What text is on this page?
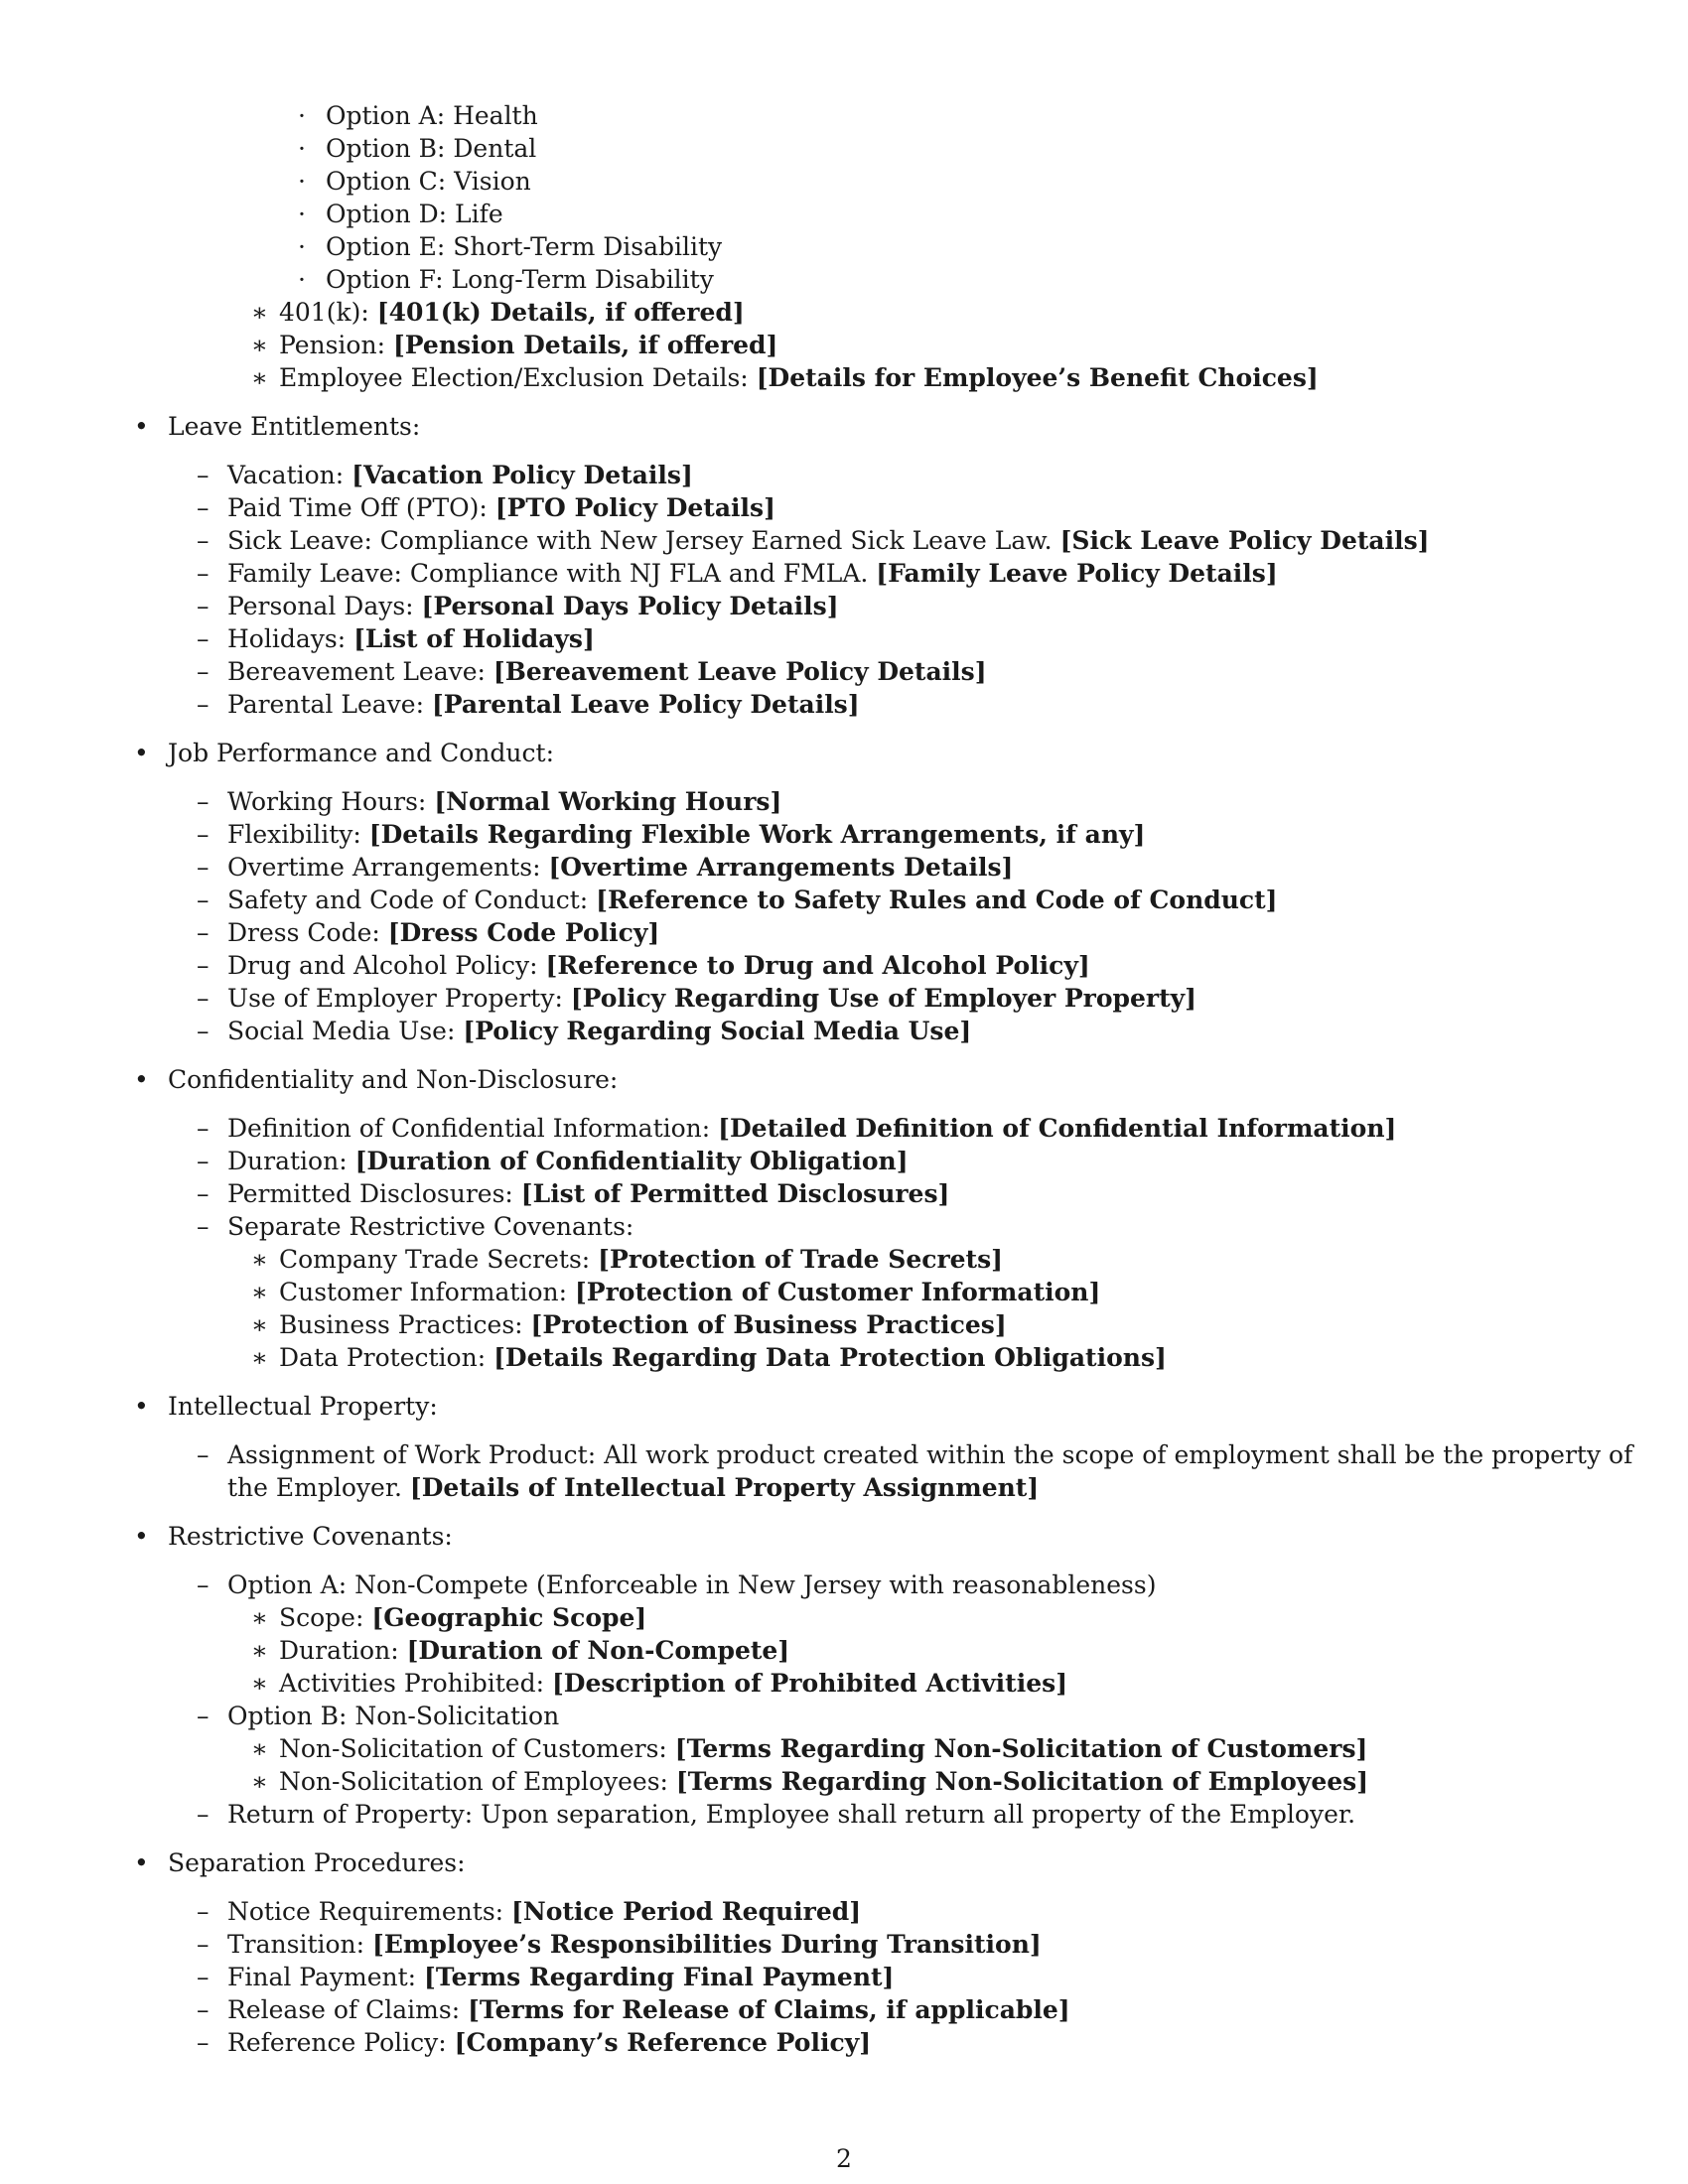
· Option A: Health
· Option B: Dental
· Option C: Vision
· Option D: Life
· Option E: Short-Term Disability
· Option F: Long-Term Disability
∗ 401(k): [401(k) Details, if offered]
∗ Pension: [Pension Details, if offered]
∗ Employee Election/Exclusion Details: [Details for Employee’s Benefit Choices]
• Leave Entitlements:
– Vacation: [Vacation Policy Details]
– Paid Time Off (PTO): [PTO Policy Details]
– Sick Leave: Compliance with New Jersey Earned Sick Leave Law. [Sick Leave Policy Details]
– Family Leave: Compliance with NJ FLA and FMLA. [Family Leave Policy Details]
– Personal Days: [Personal Days Policy Details]
– Holidays: [List of Holidays]
– Bereavement Leave: [Bereavement Leave Policy Details]
– Parental Leave: [Parental Leave Policy Details]
• Job Performance and Conduct:
– Working Hours: [Normal Working Hours]
– Flexibility: [Details Regarding Flexible Work Arrangements, if any]
– Overtime Arrangements: [Overtime Arrangements Details]
– Safety and Code of Conduct: [Reference to Safety Rules and Code of Conduct]
– Dress Code: [Dress Code Policy]
– Drug and Alcohol Policy: [Reference to Drug and Alcohol Policy]
– Use of Employer Property: [Policy Regarding Use of Employer Property]
– Social Media Use: [Policy Regarding Social Media Use]
• Confidentiality and Non-Disclosure:
– Definition of Confidential Information: [Detailed Definition of Confidential Information]
– Duration: [Duration of Confidentiality Obligation]
– Permitted Disclosures: [List of Permitted Disclosures]
– Separate Restrictive Covenants:
∗ Company Trade Secrets: [Protection of Trade Secrets]
∗ Customer Information: [Protection of Customer Information]
∗ Business Practices: [Protection of Business Practices]
∗ Data Protection: [Details Regarding Data Protection Obligations]
• Intellectual Property:
– Assignment of Work Product: All work product created within the scope of employment shall be the property of
the Employer. [Details of Intellectual Property Assignment]
• Restrictive Covenants:
– Option A: Non-Compete (Enforceable in New Jersey with reasonableness)
∗ Scope: [Geographic Scope]
∗ Duration: [Duration of Non-Compete]
∗ Activities Prohibited: [Description of Prohibited Activities]
– Option B: Non-Solicitation
∗ Non-Solicitation of Customers: [Terms Regarding Non-Solicitation of Customers]
∗ Non-Solicitation of Employees: [Terms Regarding Non-Solicitation of Employees]
– Return of Property: Upon separation, Employee shall return all property of the Employer.
• Separation Procedures:
– Notice Requirements: [Notice Period Required]
– Transition: [Employee’s Responsibilities During Transition]
– Final Payment: [Terms Regarding Final Payment]
– Release of Claims: [Terms for Release of Claims, if applicable]
– Reference Policy: [Company’s Reference Policy]
2
